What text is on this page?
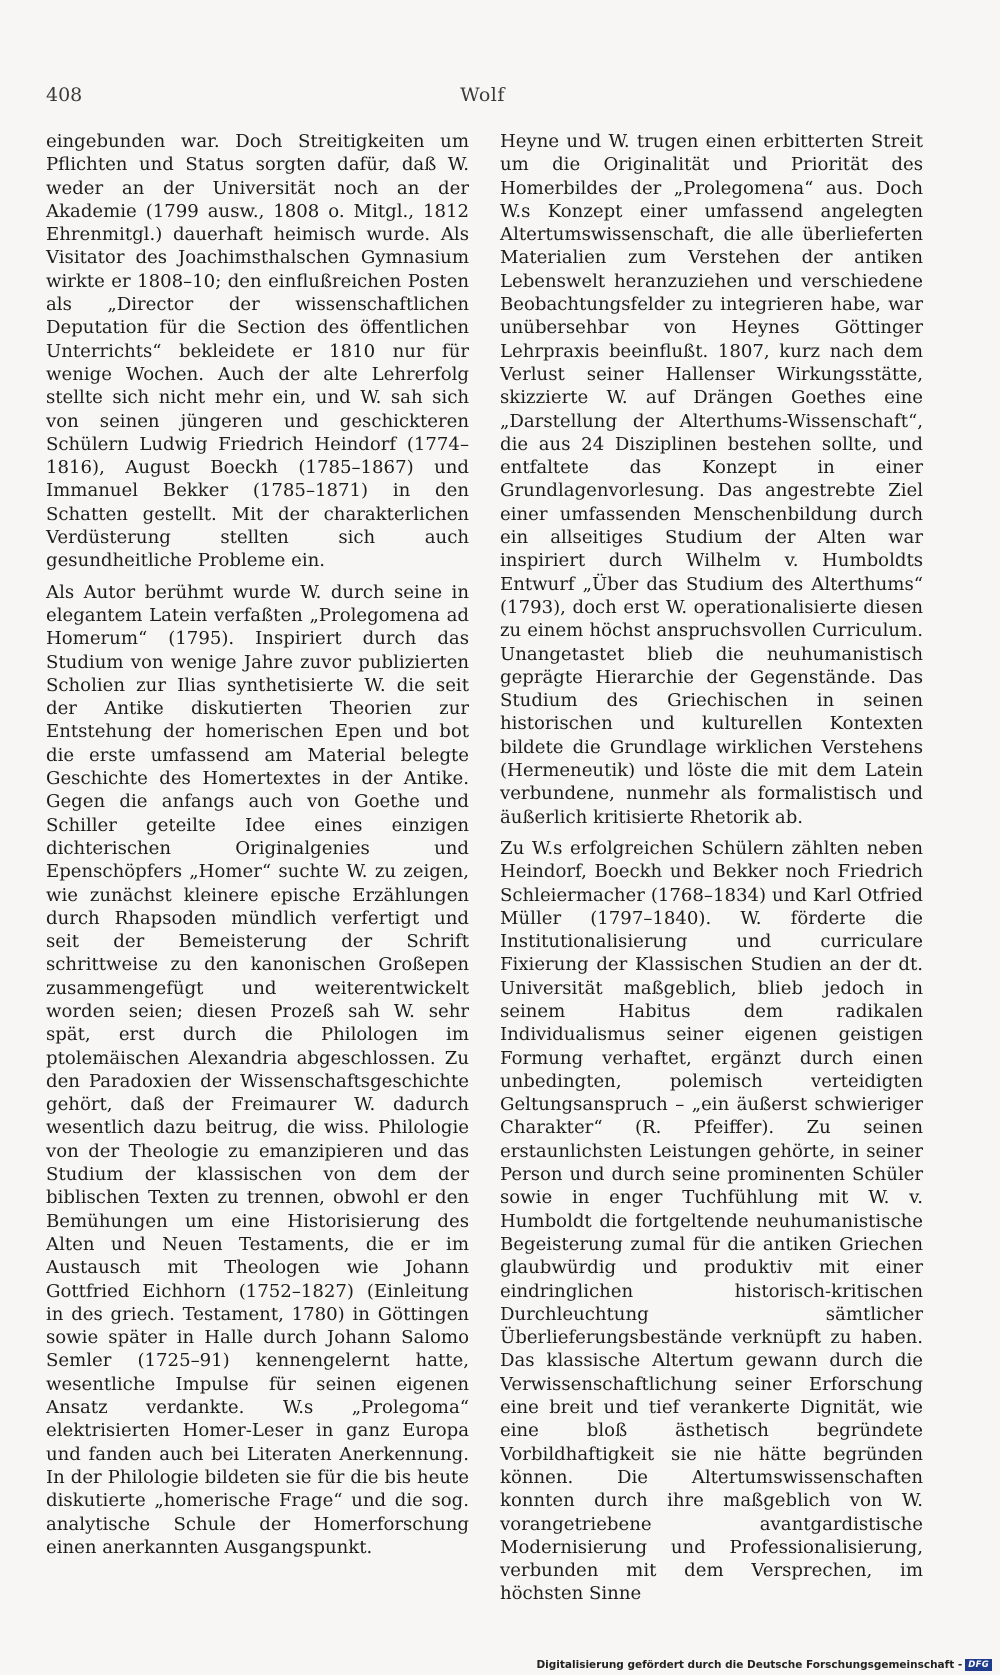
408	Wolf

eingebunden war. Doch Streitigkeiten um Pflichten und Status sorgten dafür, daß W. weder an der Universität noch an der Akademie (1799 ausw., 1808 o. Mitgl., 1812 Ehrenmitgl.) dauerhaft heimisch wurde. Als Visitator des Joachimsthalschen Gymnasium wirkte er 1808–10; den einflußreichen Posten als „Director der wissenschaftlichen Deputation für die Section des öffentlichen Unterrichts“ bekleidete er 1810 nur für wenige Wochen. Auch der alte Lehrerfolg stellte sich nicht mehr ein, und W. sah sich von seinen jüngeren und geschickteren Schülern Ludwig Friedrich Heindorf (1774–1816), August Boeckh (1785–1867) und Immanuel Bekker (1785–1871) in den Schatten gestellt. Mit der charakterlichen Verdüsterung stellten sich auch gesundheitliche Probleme ein.

Als Autor berühmt wurde W. durch seine in elegantem Latein verfaßten „Prolegomena ad Homerum“ (1795). Inspiriert durch das Studium von wenige Jahre zuvor publizierten Scholien zur Ilias synthetisierte W. die seit der Antike diskutierten Theorien zur Entstehung der homerischen Epen und bot die erste umfassend am Material belegte Geschichte des Homertextes in der Antike. Gegen die anfangs auch von Goethe und Schiller geteilte Idee eines einzigen dichterischen Originalgenies und Epenschöpfers „Homer“ suchte W. zu zeigen, wie zunächst kleinere epische Erzählungen durch Rhapsoden mündlich verfertigt und seit der Bemeisterung der Schrift schrittweise zu den kanonischen Großepen zusammengefügt und weiterentwickelt worden seien; diesen Prozeß sah W. sehr spät, erst durch die Philologen im ptolemäischen Alexandria abgeschlossen. Zu den Paradoxien der Wissenschaftsgeschichte gehört, daß der Freimaurer W. dadurch wesentlich dazu beitrug, die wiss. Philologie von der Theologie zu emanzipieren und das Studium der klassischen von dem der biblischen Texten zu trennen, obwohl er den Bemühungen um eine Historisierung des Alten und Neuen Testaments, die er im Austausch mit Theologen wie Johann Gottfried Eichhorn (1752–1827) (Einleitung in des griech. Testament, 1780) in Göttingen sowie später in Halle durch Johann Salomo Semler (1725–91) kennengelernt hatte, wesentliche Impulse für seinen eigenen Ansatz verdankte. W.s „Prolegoma“ elektrisierten Homer-Leser in ganz Europa und fanden auch bei Literaten Anerkennung. In der Philologie bildeten sie für die bis heute diskutierte „homerische Frage“ und die sog. analytische Schule der Homerforschung einen anerkannten Ausgangspunkt.

Heyne und W. trugen einen erbitterten Streit um die Originalität und Priorität des Homerbildes der „Prolegomena“ aus. Doch W.s Konzept einer umfassend angelegten Altertumswissenschaft, die alle überlieferten Materialien zum Verstehen der antiken Lebenswelt heranzuziehen und verschiedene Beobachtungsfelder zu integrieren habe, war unübersehbar von Heynes Göttinger Lehrpraxis beeinflußt. 1807, kurz nach dem Verlust seiner Hallenser Wirkungsstätte, skizzierte W. auf Drängen Goethes eine „Darstellung der Alterthums-Wissenschaft“, die aus 24 Disziplinen bestehen sollte, und entfaltete das Konzept in einer Grundlagenvorlesung. Das angestrebte Ziel einer umfassenden Menschenbildung durch ein allseitiges Studium der Alten war inspiriert durch Wilhelm v. Humboldts Entwurf „Über das Studium des Alterthums“ (1793), doch erst W. operationalisierte diesen zu einem höchst anspruchsvollen Curriculum. Unangetastet blieb die neuhumanistisch geprägte Hierarchie der Gegenstände. Das Studium des Griechischen in seinen historischen und kulturellen Kontexten bildete die Grundlage wirklichen Verstehens (Hermeneutik) und löste die mit dem Latein verbundene, nunmehr als formalistisch und äußerlich kritisierte Rhetorik ab.

Zu W.s erfolgreichen Schülern zählten neben Heindorf, Boeckh und Bekker noch Friedrich Schleiermacher (1768–1834) und Karl Otfried Müller (1797–1840). W. förderte die Institutionalisierung und curriculare Fixierung der Klassischen Studien an der dt. Universität maßgeblich, blieb jedoch in seinem Habitus dem radikalen Individualismus seiner eigenen geistigen Formung verhaftet, ergänzt durch einen unbedingten, polemisch verteidigten Geltungsanspruch – „ein äußerst schwieriger Charakter“ (R. Pfeiffer). Zu seinen erstaunlichsten Leistungen gehörte, in seiner Person und durch seine prominenten Schüler sowie in enger Tuchfühlung mit W. v. Humboldt die fortgeltende neuhumanistische Begeisterung zumal für die antiken Griechen glaubwürdig und produktiv mit einer eindringlichen historisch-kritischen Durchleuchtung sämtlicher Überlieferungsbestände verknüpft zu haben. Das klassische Altertum gewann durch die Verwissenschaftlichung seiner Erforschung eine breit und tief verankerte Dignität, wie eine bloß ästhetisch begründete Vorbildhaftigkeit sie nie hätte begründen können. Die Altertumswissenschaften konnten durch ihre maßgeblich von W. vorangetriebene avantgardistische Modernisierung und Professionalisierung, verbunden mit dem Versprechen, im höchsten Sinne

Digitalisierung gefördert durch die Deutsche Forschungsgemeinschaft - DFG
